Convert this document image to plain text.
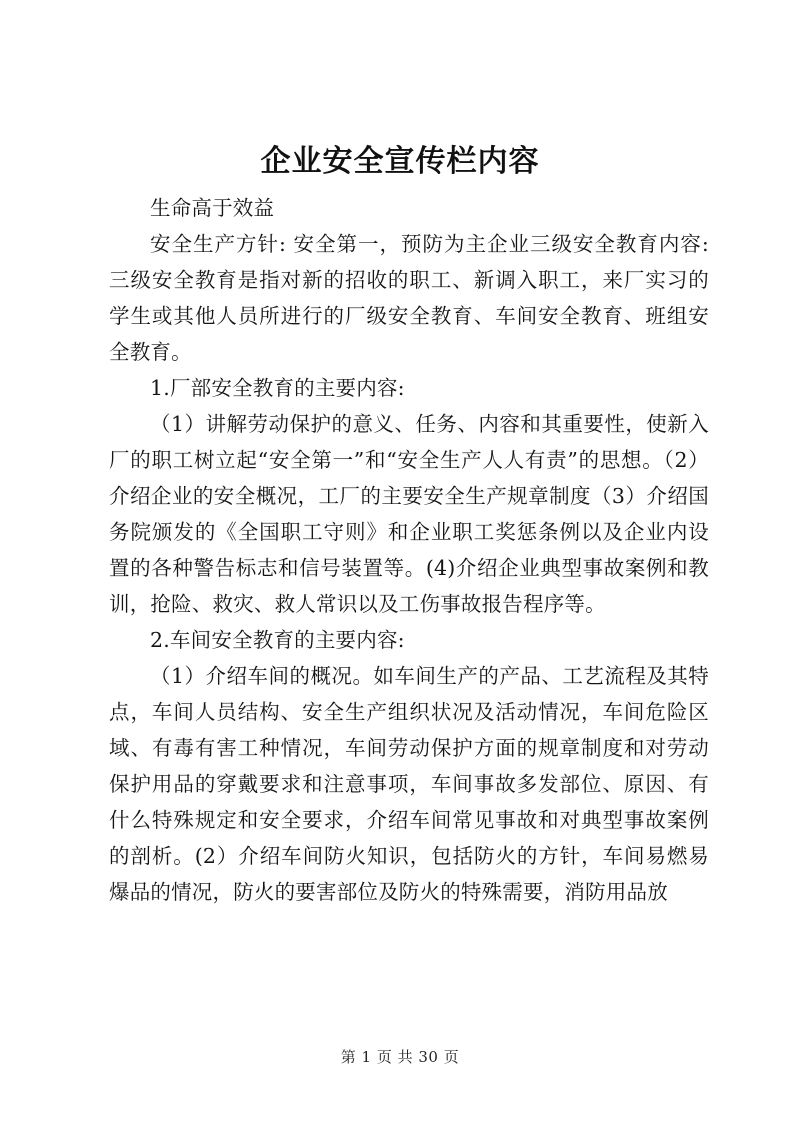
企业安全宣传栏内容

生命高于效益

安全生产方针: 安全第一，预防为主企业三级安全教育内容: 三级安全教育是指对新的招收的职工、新调入职工，来厂实习的学生或其他人员所进行的厂级安全教育、车间安全教育、班组安全教育。

1.厂部安全教育的主要内容:

（1）讲解劳动保护的意义、任务、内容和其重要性，使新入厂的职工树立起“安全第一”和“安全生产人人有责”的思想。（2）介绍企业的安全概况，工厂的主要安全生产规章制度（3）介绍国务院颁发的《全国职工守则》和企业职工奖惩条例以及企业内设置的各种警告标志和信号装置等。(4)介绍企业典型事故案例和教训，抢险、救灾、救人常识以及工伤事故报告程序等。

2.车间安全教育的主要内容:

（1）介绍车间的概况。如车间生产的产品、工艺流程及其特点，车间人员结构、安全生产组织状况及活动情况，车间危险区域、有毒有害工种情况，车间劳动保护方面的规章制度和对劳动保护用品的穿戴要求和注意事项，车间事故多发部位、原因、有什么特殊规定和安全要求，介绍车间常见事故和对典型事故案例的剖析。(2）介绍车间防火知识，包括防火的方针，车间易燃易爆品的情况，防火的要害部位及防火的特殊需要，消防用品放

第 1 页 共 30 页
